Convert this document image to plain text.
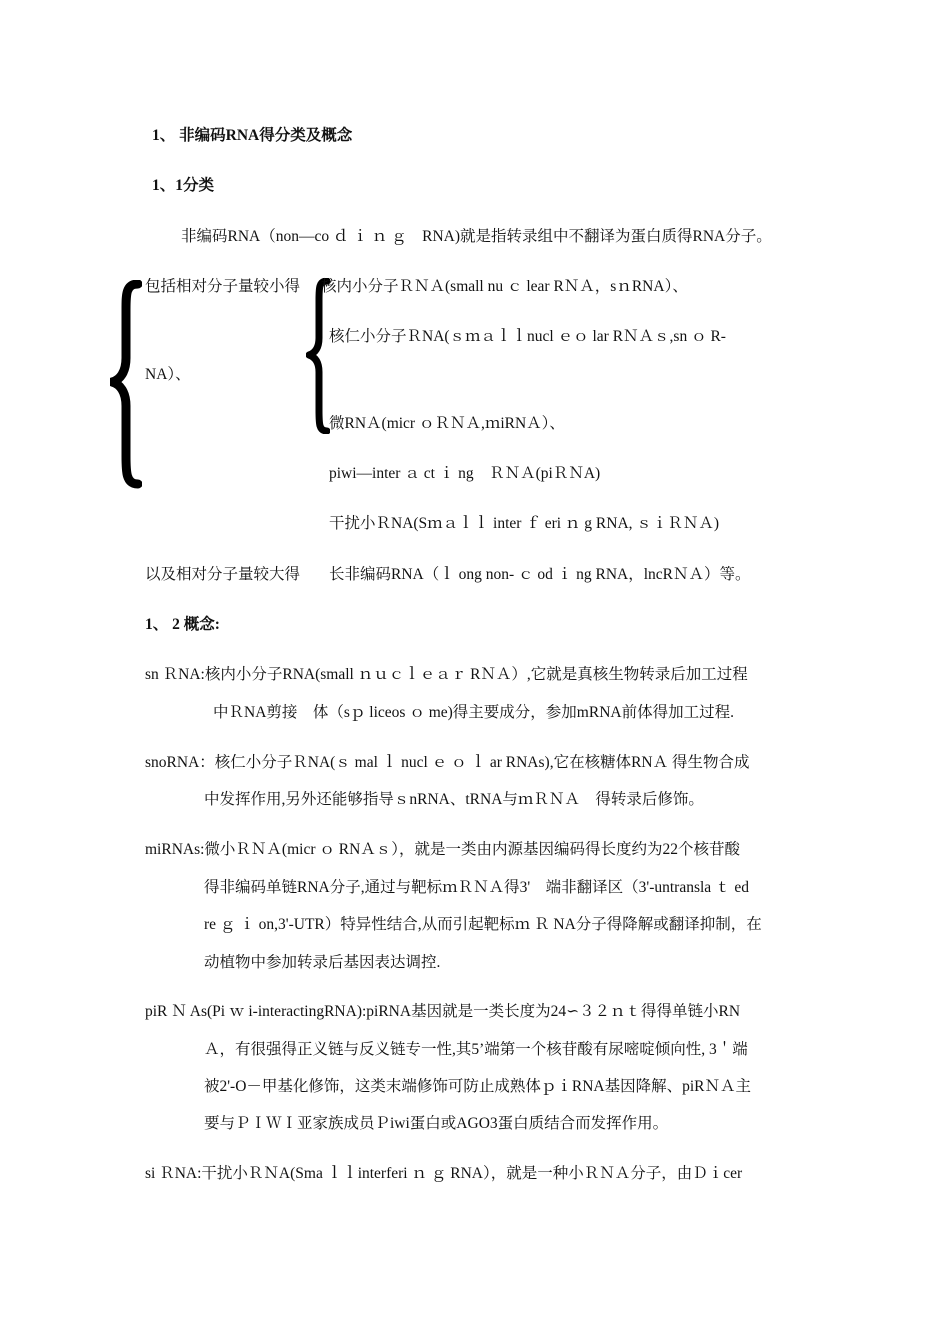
1、 非编码RNA得分类及概念
1、1分类
非编码RNA（non—co ｄ ｉ ｎ ｇ　RNA)就是指转录组中不翻译为蛋白质得RNA分子。
包括相对分子量较小得 核内小分子ＲＮＡ(small nu ｃ lear RＮＡ，sｎRNA）、
核仁小分子ＲNA(ｓｍａｌｌnucl ｅｏ lar RＮＡｓ,sn ｏ R-
NA）、
微RNＡ(micr ｏＲＮＡ,ｍiRNＡ）、
piwi—inter ａ ct ｉ ng　ＲＮＡ(piＲＮA)
干扰小ＲNA(Sｍａｌｌ inter ｆ eri ｎ g RNA, ｓｉＲＮＡ)
以及相对分子量较大得 长非编码RNA（ｌ ong non- ｃ od ｉ ng RNA，lncRＮＡ）等。
1、 2 概念:
sn ＲNA:核内小分子RNA(small ｎｕｃｌｅａｒ RＮＡ）,它就是真核生物转录后加工过程
中ＲNA剪接　体（sｐ liceos ｏ me)得主要成分，参加mRNA前体得加工过程.
snoRNA：核仁小分子ＲNA(ｓ mal ｌ nucl ｅ ｏ ｌ ar RNAs),它在核糖体RNＡ 得生物合成
中发挥作用,另外还能够指导ｓnRNA、tRNA与ｍＲＮＡ　得转录后修饰。
miRNAs:微小ＲＮＡ(micr ｏ RNＡｓ），就是一类由内源基因编码得长度约为22个核苷酸
得非编码单链RNA分子,通过与靶标ｍＲＮＡ得3'　端非翻译区（3'-untransla ｔ ed
re ｇ ｉ on,3'-UTR）特异性结合,从而引起靶标ｍ Ｒ NA分子得降解或翻译抑制，在
动植物中参加转录后基因表达调控.
piR Ｎ As(Pi ｗ i-interactingRNA):piRNA基因就是一类长度为24∽３２ｎｔ得得单链小RN
Ａ，有很强得正义链与反义链专一性,其5’端第一个核苷酸有尿嘧啶倾向性, 3＇端
被2'-O－甲基化修饰，这类末端修饰可防止成熟体ｐｉRNA基因降解、piRＮＡ主
要与ＰＩＷＩ亚家族成员Ｐiwi蛋白或AGO3蛋白质结合而发挥作用。
si ＲNA:干扰小ＲＮA(Sma ｌｌinterferi ｎ ｇ RNA），就是一种小ＲＮＡ分子，由Ｄｉcer
